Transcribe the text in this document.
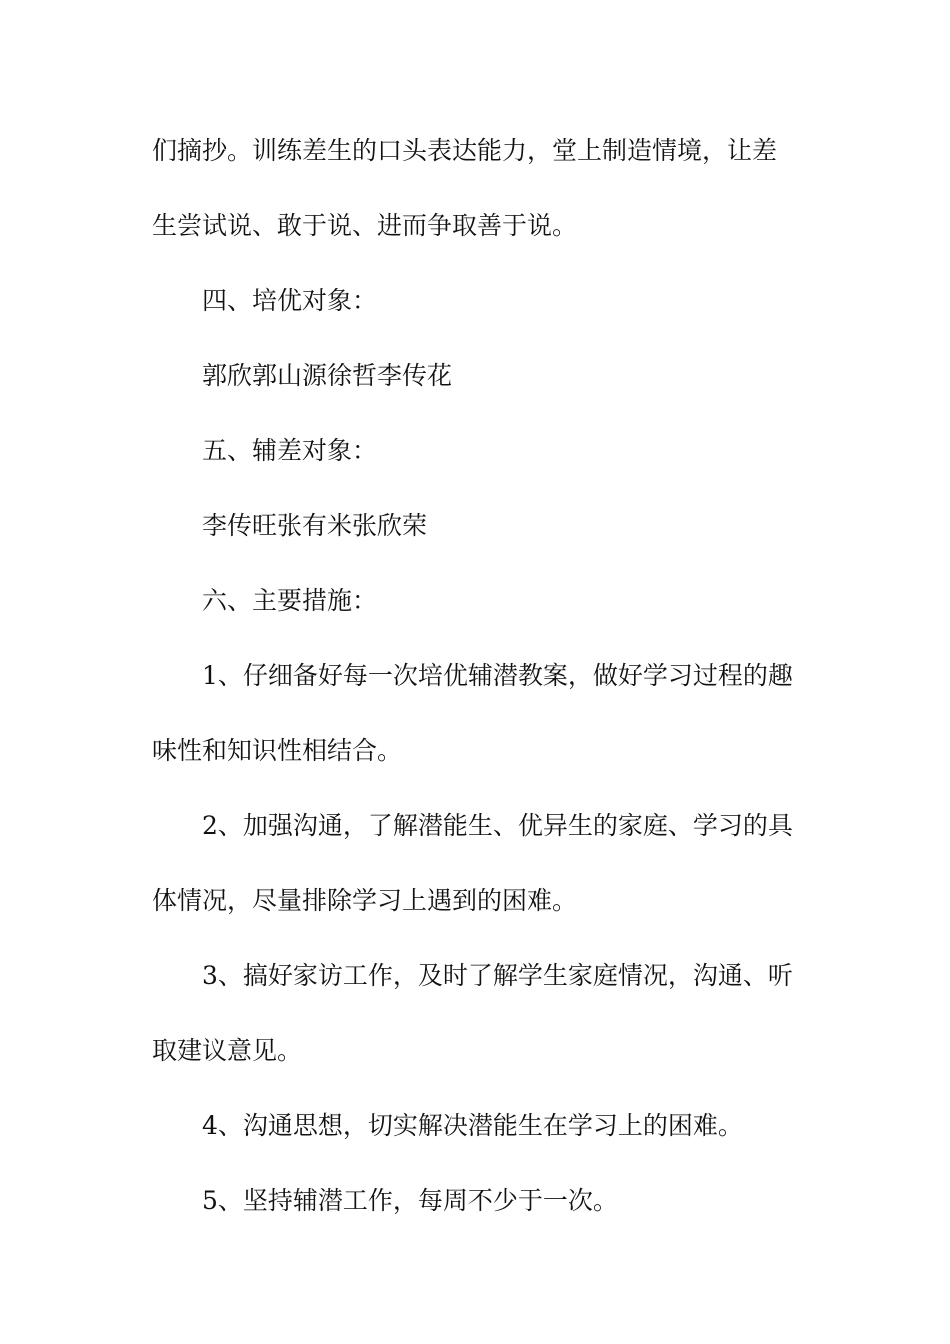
们摘抄。训练差生的口头表达能力，堂上制造情境，让差
生尝试说、敢于说、进而争取善于说。
四、培优对象：
郭欣郭山源徐哲李传花
五、辅差对象：
李传旺张有米张欣荣
六、主要措施：
1、仔细备好每一次培优辅潜教案，做好学习过程的趣
味性和知识性相结合。
2、加强沟通，了解潜能生、优异生的家庭、学习的具
体情况，尽量排除学习上遇到的困难。
3、搞好家访工作，及时了解学生家庭情况，沟通、听
取建议意见。
4、沟通思想，切实解决潜能生在学习上的困难。
5、坚持辅潜工作，每周不少于一次。
